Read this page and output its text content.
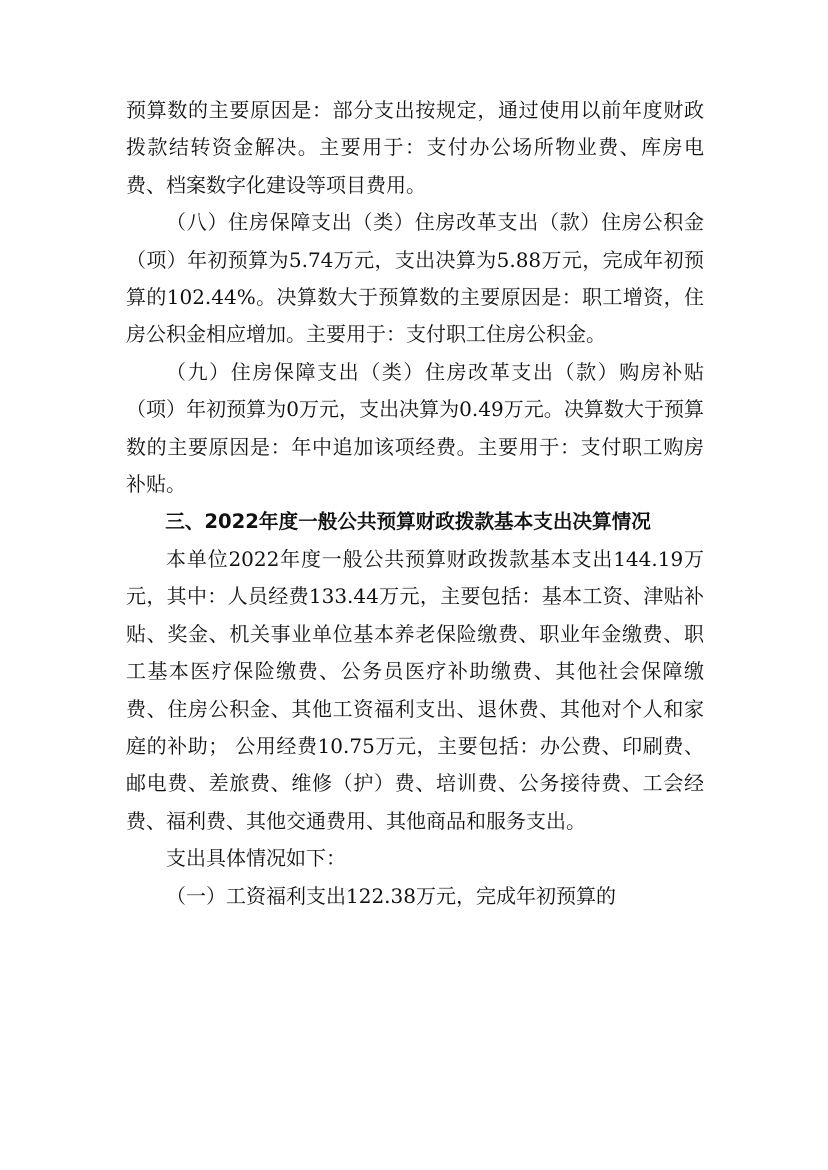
预算数的主要原因是：部分支出按规定，通过使用以前年度财政拨款结转资金解决。主要用于：支付办公场所物业费、库房电费、档案数字化建设等项目费用。

（八）住房保障支出（类）住房改革支出（款）住房公积金（项）年初预算为5.74万元，支出决算为5.88万元，完成年初预算的102.44%。决算数大于预算数的主要原因是：职工增资，住房公积金相应增加。主要用于：支付职工住房公积金。

（九）住房保障支出（类）住房改革支出（款）购房补贴（项）年初预算为0万元，支出决算为0.49万元。决算数大于预算数的主要原因是：年中追加该项经费。主要用于：支付职工购房补贴。

三、2022年度一般公共预算财政拨款基本支出决算情况

本单位2022年度一般公共预算财政拨款基本支出144.19万元，其中：人员经费133.44万元，主要包括：基本工资、津贴补贴、奖金、机关事业单位基本养老保险缴费、职业年金缴费、职工基本医疗保险缴费、公务员医疗补助缴费、其他社会保障缴费、住房公积金、其他工资福利支出、退休费、其他对个人和家庭的补助； 公用经费10.75万元，主要包括：办公费、印刷费、邮电费、差旅费、维修（护）费、培训费、公务接待费、工会经费、福利费、其他交通费用、其他商品和服务支出。

支出具体情况如下：

（一）工资福利支出122.38万元，完成年初预算的
